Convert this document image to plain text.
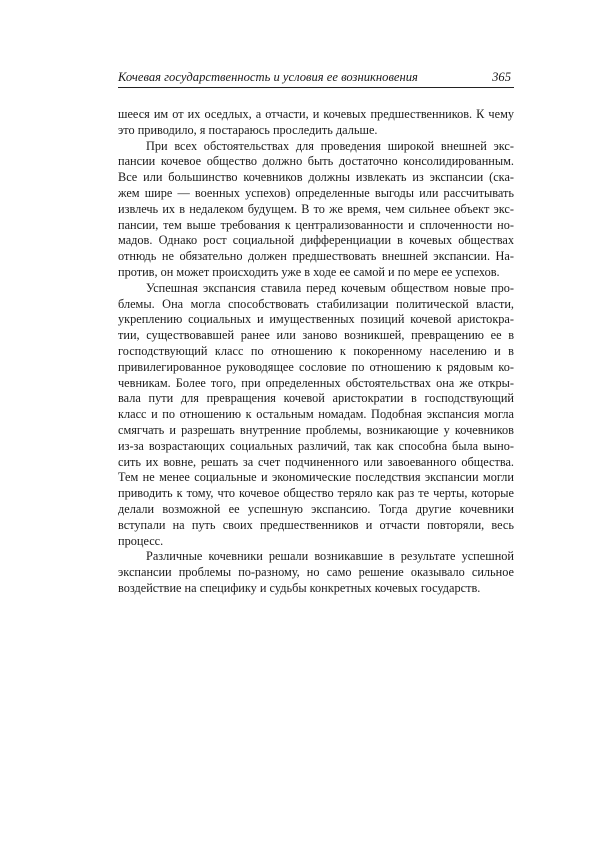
Кочевая государственность и условия ее возникновения	365
шееся им от их оседлых, а отчасти, и кочевых предшественников. К чему
это приводило, я постараюсь проследить дальше.
При всех обстоятельствах для проведения широкой внешней экс-
пансии кочевое общество должно быть достаточно консолидированным.
Все или большинство кочевников должны извлекать из экспансии (ска-
жем шире — военных успехов) определенные выгоды или рассчитывать
извлечь их в недалеком будущем. В то же время, чем сильнее объект экс-
пансии, тем выше требования к централизованности и сплоченности но-
мадов. Однако рост социальной дифференциации в кочевых обществах
отнюдь не обязательно должен предшествовать внешней экспансии. На-
против, он может происходить уже в ходе ее самой и по мере ее успехов.
Успешная экспансия ставила перед кочевым обществом новые про-
блемы. Она могла способствовать стабилизации политической власти,
укреплению социальных и имущественных позиций кочевой аристокра-
тии, существовавшей ранее или заново возникшей, превращению ее в
господствующий класс по отношению к покоренному населению и в
привилегированное руководящее сословие по отношению к рядовым ко-
чевникам. Более того, при определенных обстоятельствах она же откры-
вала пути для превращения кочевой аристократии в господствующий
класс и по отношению к остальным номадам. Подобная экспансия могла
смягчать и разрешать внутренние проблемы, возникающие у кочевников
из-за возрастающих социальных различий, так как способна была выно-
сить их вовне, решать за счет подчиненного или завоеванного общества.
Тем не менее социальные и экономические последствия экспансии могли
приводить к тому, что кочевое общество теряло как раз те черты, которые
делали возможной ее успешную экспансию. Тогда другие кочевники
вступали на путь своих предшественников и отчасти повторяли, весь
процесс.
Различные кочевники решали возникавшие в результате успешной
экспансии проблемы по-разному, но само решение оказывало сильное
воздействие на специфику и судьбы конкретных кочевых государств.
